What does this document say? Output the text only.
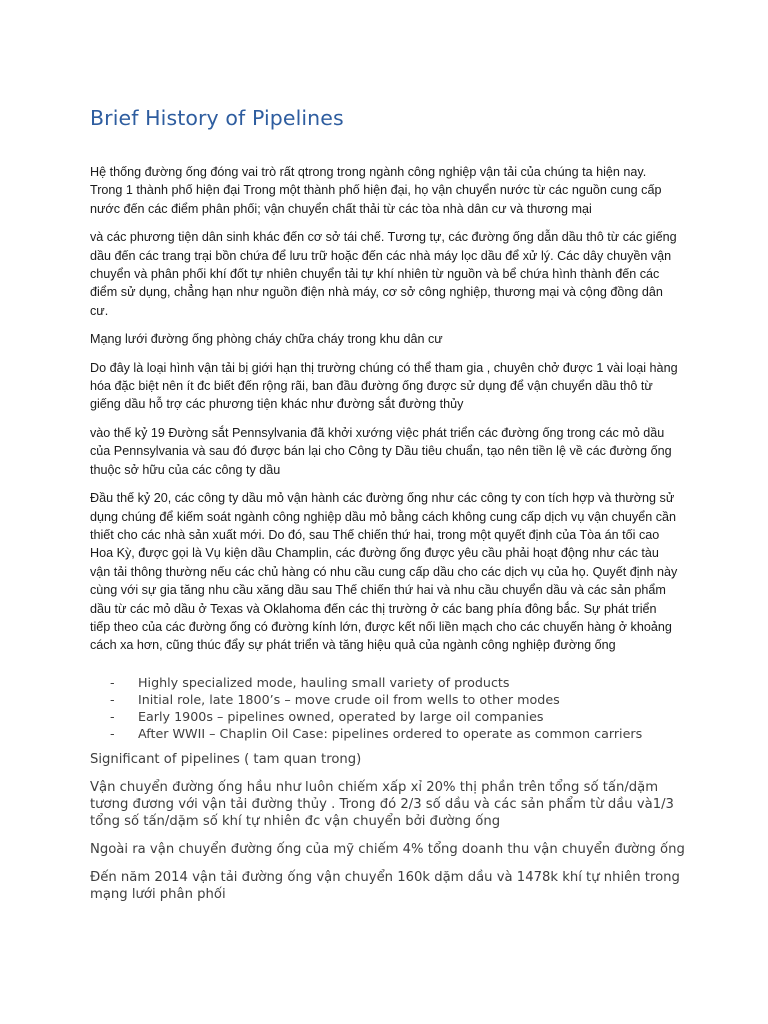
Brief History of Pipelines

Hệ thống đường ống đóng vai trò rất qtrong trong ngành công nghiệp vận tải của chúng ta hiện nay. Trong 1 thành phố hiện đại Trong một thành phố hiện đại, họ vận chuyển nước từ các nguồn cung cấp nước đến các điểm phân phối; vận chuyển chất thải từ các tòa nhà dân cư và thương mại

và các phương tiện dân sinh khác đến cơ sở tái chế. Tương tự, các đường ống dẫn dầu thô từ các giếng dầu đến các trang trại bồn chứa để lưu trữ hoặc đến các nhà máy lọc dầu để xử lý. Các dây chuyền vận chuyển và phân phối khí đốt tự nhiên chuyển tải tự khí nhiên từ nguồn và bể chứa hình thành đến các điểm sử dụng, chẳng hạn như nguồn điện nhà máy, cơ sở công nghiệp, thương mại và cộng đồng dân cư.

Mạng lưới đường ống phòng cháy chữa cháy trong khu dân cư

Do đây là loại hình vận tải bị giới hạn thị trường chúng có thể tham gia , chuyên chở được 1 vài loại hàng hóa đặc biệt nên ít đc biết đến rộng rãi, ban đầu đường ống được sử dụng để vận chuyển dầu thô từ giếng dầu hỗ trợ các phương tiện khác như đường sắt đường thủy

vào thế kỷ 19 Đường sắt Pennsylvania đã khởi xướng việc phát triển các đường ống trong các mỏ dầu của Pennsylvania và sau đó được bán lại cho Công ty Dầu tiêu chuẩn, tạo nên tiền lệ về các đường ống thuộc sở hữu của các công ty dầu

Đầu thế kỷ 20, các công ty dầu mỏ vận hành các đường ống như các công ty con tích hợp và thường sử dụng chúng để kiếm soát ngành công nghiệp dầu mỏ bằng cách không cung cấp dịch vụ vận chuyển cần thiết cho các nhà sản xuất mới. Do đó, sau Thế chiến thứ hai, trong một quyết định của Tòa án tối cao Hoa Kỳ, được gọi là Vụ kiện dầu Champlin, các đường ống được yêu cầu phải hoạt động như các tàu vận tải thông thường nếu các chủ hàng có nhu cầu cung cấp dầu cho các dịch vụ của họ. Quyết định này cùng với sự gia tăng nhu cầu xăng dầu sau Thế chiến thứ hai và nhu cầu chuyển dầu và các sản phẩm dầu từ các mỏ dầu ở Texas và Oklahoma đến các thị trường ở các bang phía đông bắc. Sự phát triển tiếp theo của các đường ống có đường kính lớn, được kết nối liền mạch cho các chuyến hàng ở khoảng cách xa hơn, cũng thúc đẩy sự phát triển và tăng hiệu quả của ngành công nghiệp đường ống

- Highly specialized mode, hauling small variety of products
- Initial role, late 1800’s – move crude oil from wells to other modes
- Early 1900s – pipelines owned, operated by large oil companies
- After WWII – Chaplin Oil Case: pipelines ordered to operate as common carriers

Significant of pipelines ( tam quan trong)

Vận chuyển đường ống hầu như luôn chiếm xấp xỉ 20% thị phần trên tổng số tấn/dặm tương đương với vận tải đường thủy . Trong đó 2/3 số dầu và các sản phẩm từ dầu và1/3 tổng số tấn/dặm số khí tự nhiên đc vận chuyển bởi đường ống

Ngoài ra vận chuyển đường ống của mỹ chiếm 4% tổng doanh thu vận chuyển đường ống

Đến năm 2014 vận tải đường ống vận chuyển 160k dặm dầu và 1478k khí tự nhiên trong mạng lưới phân phối
